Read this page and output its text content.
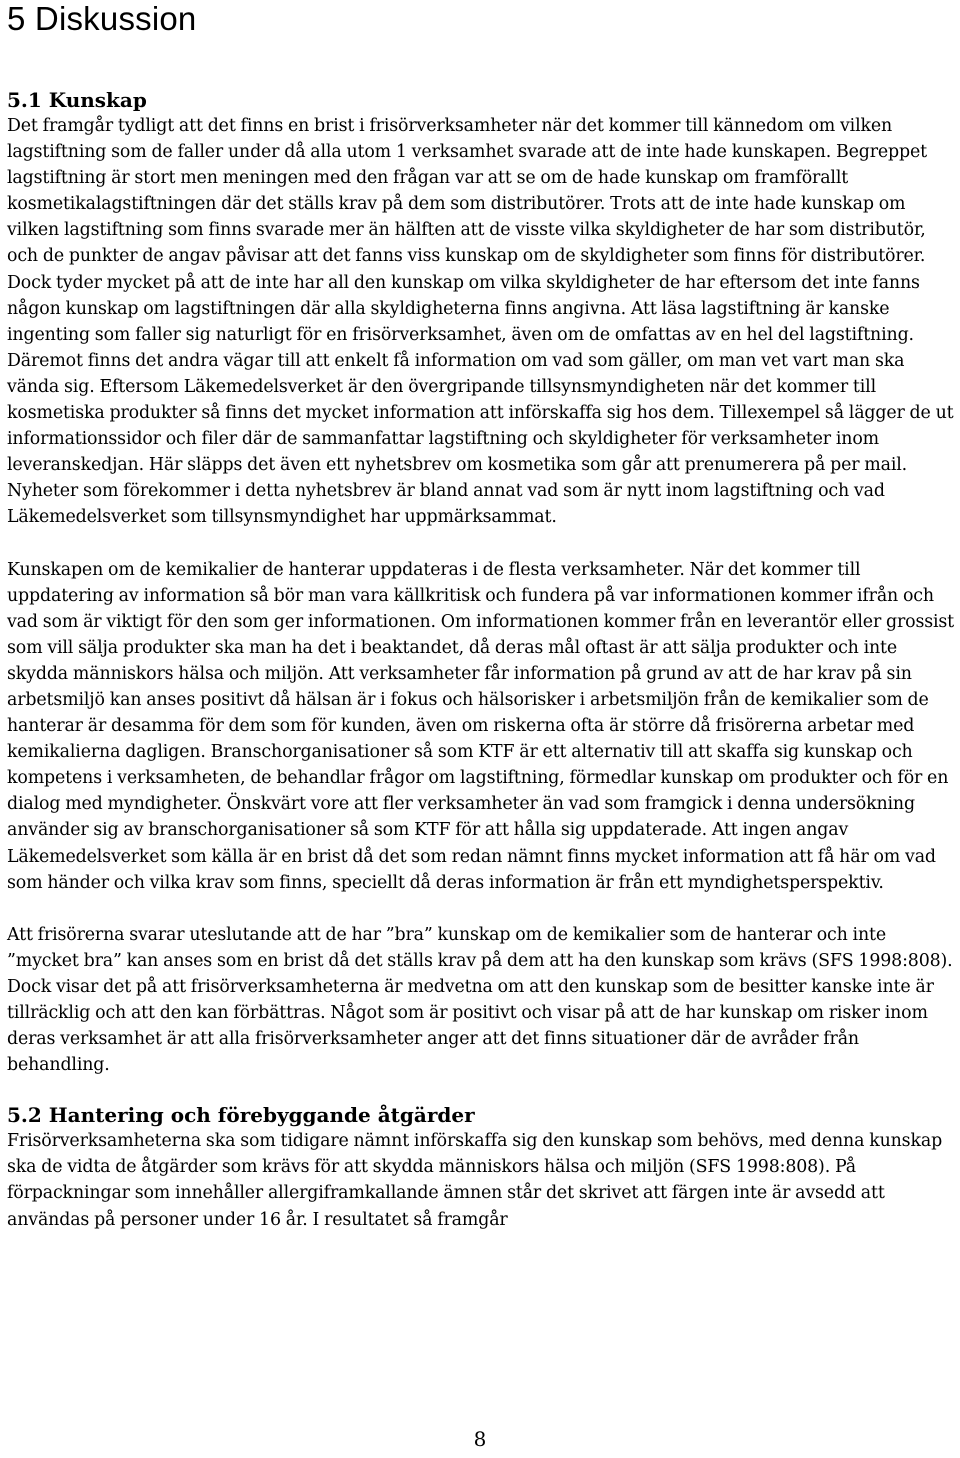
5 Diskussion
5.1 Kunskap

Det framgår tydligt att det finns en brist i frisörverksamheter när det kommer till kännedom om vilken lagstiftning som de faller under då alla utom 1 verksamhet svarade att de inte hade kunskapen. Begreppet lagstiftning är stort men meningen med den frågan var att se om de hade kunskap om framförallt kosmetikalagstiftningen där det ställs krav på dem som distributörer. Trots att de inte hade kunskap om vilken lagstiftning som finns svarade mer än hälften att de visste vilka skyldigheter de har som distributör, och de punkter de angav påvisar att det fanns viss kunskap om de skyldigheter som finns för distributörer. Dock tyder mycket på att de inte har all den kunskap om vilka skyldigheter de har eftersom det inte fanns någon kunskap om lagstiftningen där alla skyldigheterna finns angivna. Att läsa lagstiftning är kanske ingenting som faller sig naturligt för en frisörverksamhet, även om de omfattas av en hel del lagstiftning. Däremot finns det andra vägar till att enkelt få information om vad som gäller, om man vet vart man ska vända sig. Eftersom Läkemedelsverket är den övergripande tillsynsmyndigheten när det kommer till kosmetiska produkter så finns det mycket information att införskaffa sig hos dem. Tillexempel så lägger de ut informationssidor och filer där de sammanfattar lagstiftning och skyldigheter för verksamheter inom leveranskedjan. Här släpps det även ett nyhetsbrev om kosmetika som går att prenumerera på per mail. Nyheter som förekommer i detta nyhetsbrev är bland annat vad som är nytt inom lagstiftning och vad Läkemedelsverket som tillsynsmyndighet har uppmärksammat.

Kunskapen om de kemikalier de hanterar uppdateras i de flesta verksamheter. När det kommer till uppdatering av information så bör man vara källkritisk och fundera på var informationen kommer ifrån och vad som är viktigt för den som ger informationen. Om informationen kommer från en leverantör eller grossist som vill sälja produkter ska man ha det i beaktandet, då deras mål oftast är att sälja produkter och inte skydda människors hälsa och miljön. Att verksamheter får information på grund av att de har krav på sin arbetsmiljö kan anses positivt då hälsan är i fokus och hälsorisker i arbetsmiljön från de kemikalier som de hanterar är desamma för dem som för kunden, även om riskerna ofta är större då frisörerna arbetar med kemikalierna dagligen. Branschorganisationer så som KTF är ett alternativ till att skaffa sig kunskap och kompetens i verksamheten, de behandlar frågor om lagstiftning, förmedlar kunskap om produkter och för en dialog med myndigheter. Önskvärt vore att fler verksamheter än vad som framgick i denna undersökning använder sig av branschorganisationer så som KTF för att hålla sig uppdaterade. Att ingen angav Läkemedelsverket som källa är en brist då det som redan nämnt finns mycket information att få här om vad som händer och vilka krav som finns, speciellt då deras information är från ett myndighetsperspektiv.

Att frisörerna svarar uteslutande att de har ”bra” kunskap om de kemikalier som de hanterar och inte ”mycket bra” kan anses som en brist då det ställs krav på dem att ha den kunskap som krävs (SFS 1998:808). Dock visar det på att frisörverksamheterna är medvetna om att den kunskap som de besitter kanske inte är tillräcklig och att den kan förbättras. Något som är positivt och visar på att de har kunskap om risker inom deras verksamhet är att alla frisörverksamheter anger att det finns situationer där de avråder från behandling.

5.2 Hantering och förebyggande åtgärder

Frisörverksamheterna ska som tidigare nämnt införskaffa sig den kunskap som behövs, med denna kunskap ska de vidta de åtgärder som krävs för att skydda människors hälsa och miljön (SFS 1998:808). På förpackningar som innehåller allergiframkallande ämnen står det skrivet att färgen inte är avsedd att användas på personer under 16 år. I resultatet så framgår

8
